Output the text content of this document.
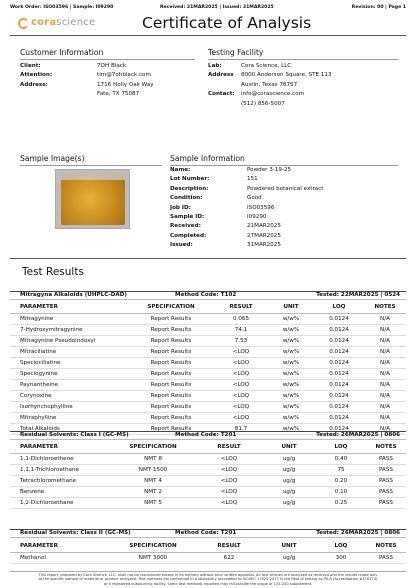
Work Order: ISO03596 | Sample: I09290	Received: 21MAR2025 | Issued: 31MAR2025	Revision: 00 | Page 1
corascience	Certificate of Analysis
Customer Information
Client:	7OH Black
Attention:	tim@7ohblack.com
Address:	1716 Holly Oak Way
Fate, TX 75087
Testing Facility
Lab:	Cora Science, LLC
Address 8000 Anderson Square, STE 113
Austin, Texas 78757
Contact: info@corascience.com
(512) 856-5007
Sample Image(s)	Sample Information
Name:	Powder 3-19-25
Lot Number:	151
Description:	Powdered botanical extract
Condition:	Good
Job ID:	ISO03596
Sample ID:	I09290
Received:	21MAR2025
Completed:	27MAR2025
Issued:	31MAR2025
Test Results
Mitragyna Alkaloids (UHPLC-DAD)	Method Code: T102	Tested: 22MAR2025 | 0524
PARAMETER	SPECIFICATION	RESULT	UNIT	LOQ	NOTES
Mitragynine	Report Results	0.065	w/w%	0.0124	N/A
7-Hydroxymitragynine	Report Results	74.1	w/w%	0.0124	N/A
Mitragynine Pseudoindoxyl	Report Results	7.53	w/w%	0.0124	N/A
Mitraciliatine	Report Results	<LOQ	w/w%	0.0124	N/A
Speciociliatine	Report Results	<LOQ	w/w%	0.0124	N/A
Speciogynine	Report Results	<LOQ	w/w%	0.0124	N/A
Paynantheine	Report Results	<LOQ	w/w%	0.0124	N/A
Corynoxine	Report Results	<LOQ	w/w%	0.0124	N/A
Isorhynchophylline	Report Results	<LOQ	w/w%	0.0124	N/A
Mitraphylline	Report Results	<LOQ	w/w%	0.0124	N/A
Total Alkaloids	Report Results	81.7	w/w%	0.0124	N/A
Residual Solvents: Class I (GC-MS)	Method Code: T201	Tested: 26MAR2025 | 0806
PARAMETER	SPECIFICATION	RESULT	UNIT	LOQ	NOTES
1,1-Dichloroethene	NMT 8	<LOQ	ug/g	0.40	PASS
1,1,1-Trichloroethane	NMT 1500	<LOQ	ug/g	75	PASS
Tetrachloromethane	NMT 4	<LOQ	ug/g	0.20	PASS
Benzene	NMT 2	<LOQ	ug/g	0.10	PASS
1,2-Dichloroethane	NMT 5	<LOQ	ug/g	0.25	PASS
Residual Solvents: Class II (GC-MS)	Method Code: T201	Tested: 26MAR2025 | 0806
PARAMETER	SPECIFICATION	RESULT	UNIT	LOQ	NOTES
Methanol	NMT 3000	622	ug/g	300	PASS
This report, prepared by Cora Science, LLC, shall not be reproduced except in its entirety without prior written approval. All test articles are analyzed as received and the results relate only
to the specific sample of material or product analyzed. Test methods are performed in a laboratory accredited to ISO/IEC 17025:2017 in the field of testing by PJLA (Accreditation #116374)
or a registered outsourcing facility. Some test methods reported may fall outside the scope of 122-250 supplement.
